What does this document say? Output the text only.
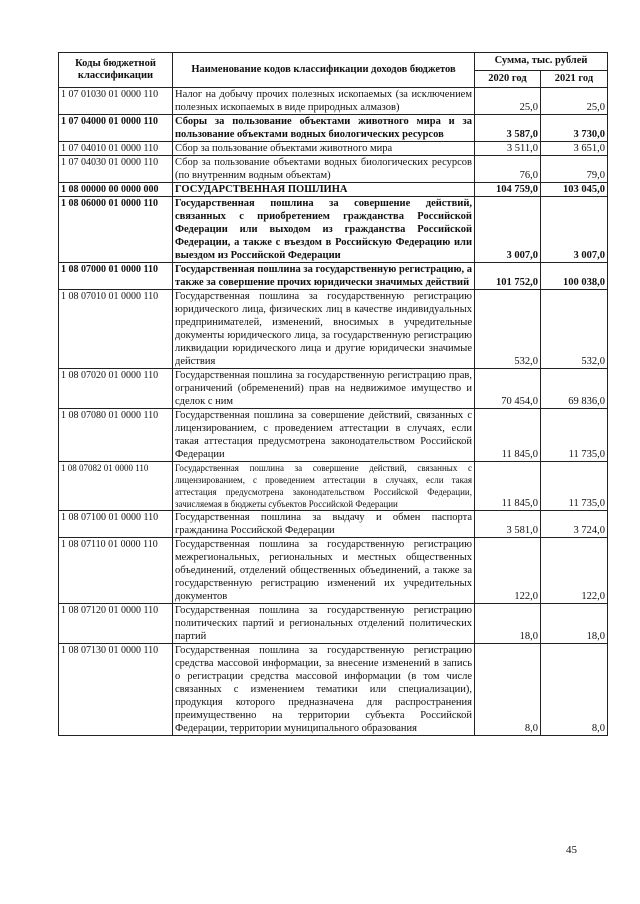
Коды бюджетной классификации	Наименование кодов классификации доходов бюджетов	Сумма, тыс. рублей	
		2020 год	2021 год
1 07 01030 01 0000 110	Налог на добычу прочих полезных ископаемых (за исключением полезных ископаемых в виде природных алмазов)	25,0	25,0
1 07 04000 01 0000 110	Сборы за пользование объектами животного мира и за пользование объектами водных биологических ресурсов	3 587,0	3 730,0
1 07 04010 01 0000 110	Сбор за пользование объектами животного мира	3 511,0	3 651,0
1 07 04030 01 0000 110	Сбор за пользование объектами водных биологических ресурсов (по внутренним водным объектам)	76,0	79,0
1 08 00000 00 0000 000	ГОСУДАРСТВЕННАЯ ПОШЛИНА	104 759,0	103 045,0
1 08 06000 01 0000 110	Государственная пошлина за совершение действий, связанных с приобретением гражданства Российской Федерации или выходом из гражданства Российской Федерации, а также с въездом в Российскую Федерацию или выездом из Российской Федерации	3 007,0	3 007,0
1 08 07000 01 0000 110	Государственная пошлина за государственную регистрацию, а также за совершение прочих юридически значимых действий	101 752,0	100 038,0
1 08 07010 01 0000 110	Государственная пошлина за государственную регистрацию юридического лица, физических лиц в качестве индивидуальных предпринимателей, изменений, вносимых в учредительные документы юридического лица, за государственную регистрацию ликвидации юридического лица и другие юридически значимые действия	532,0	532,0
1 08 07020 01 0000 110	Государственная пошлина за государственную регистрацию прав, ограничений (обременений) прав на недвижимое имущество и сделок с ним	70 454,0	69 836,0
1 08 07080 01 0000 110	Государственная пошлина за совершение действий, связанных с лицензированием, с проведением аттестации в случаях, если такая аттестация предусмотрена законодательством Российской Федерации	11 845,0	11 735,0
1 08 07082 01 0000 110	Государственная пошлина за совершение действий, связанных с лицензированием, с проведением аттестации в случаях, если такая аттестация предусмотрена законодательством Российской Федерации, зачисляемая в бюджеты субъектов Российской Федерации	11 845,0	11 735,0
1 08 07100 01 0000 110	Государственная пошлина за выдачу и обмен паспорта гражданина Российской Федерации	3 581,0	3 724,0
1 08 07110 01 0000 110	Государственная пошлина за государственную регистрацию межрегиональных, региональных и местных общественных объединений, отделений общественных объединений, а также за государственную регистрацию изменений их учредительных документов	122,0	122,0
1 08 07120 01 0000 110	Государственная пошлина за государственную регистрацию политических партий и региональных отделений политических партий	18,0	18,0
1 08 07130 01 0000 110	Государственная пошлина за государственную регистрацию средства массовой информации, за внесение изменений в запись о регистрации средства массовой информации (в том числе связанных с изменением тематики или специализации), продукция которого предназначена для распространения преимущественно на территории субъекта Российской Федерации, территории муниципального образования	8,0	8,0
45
